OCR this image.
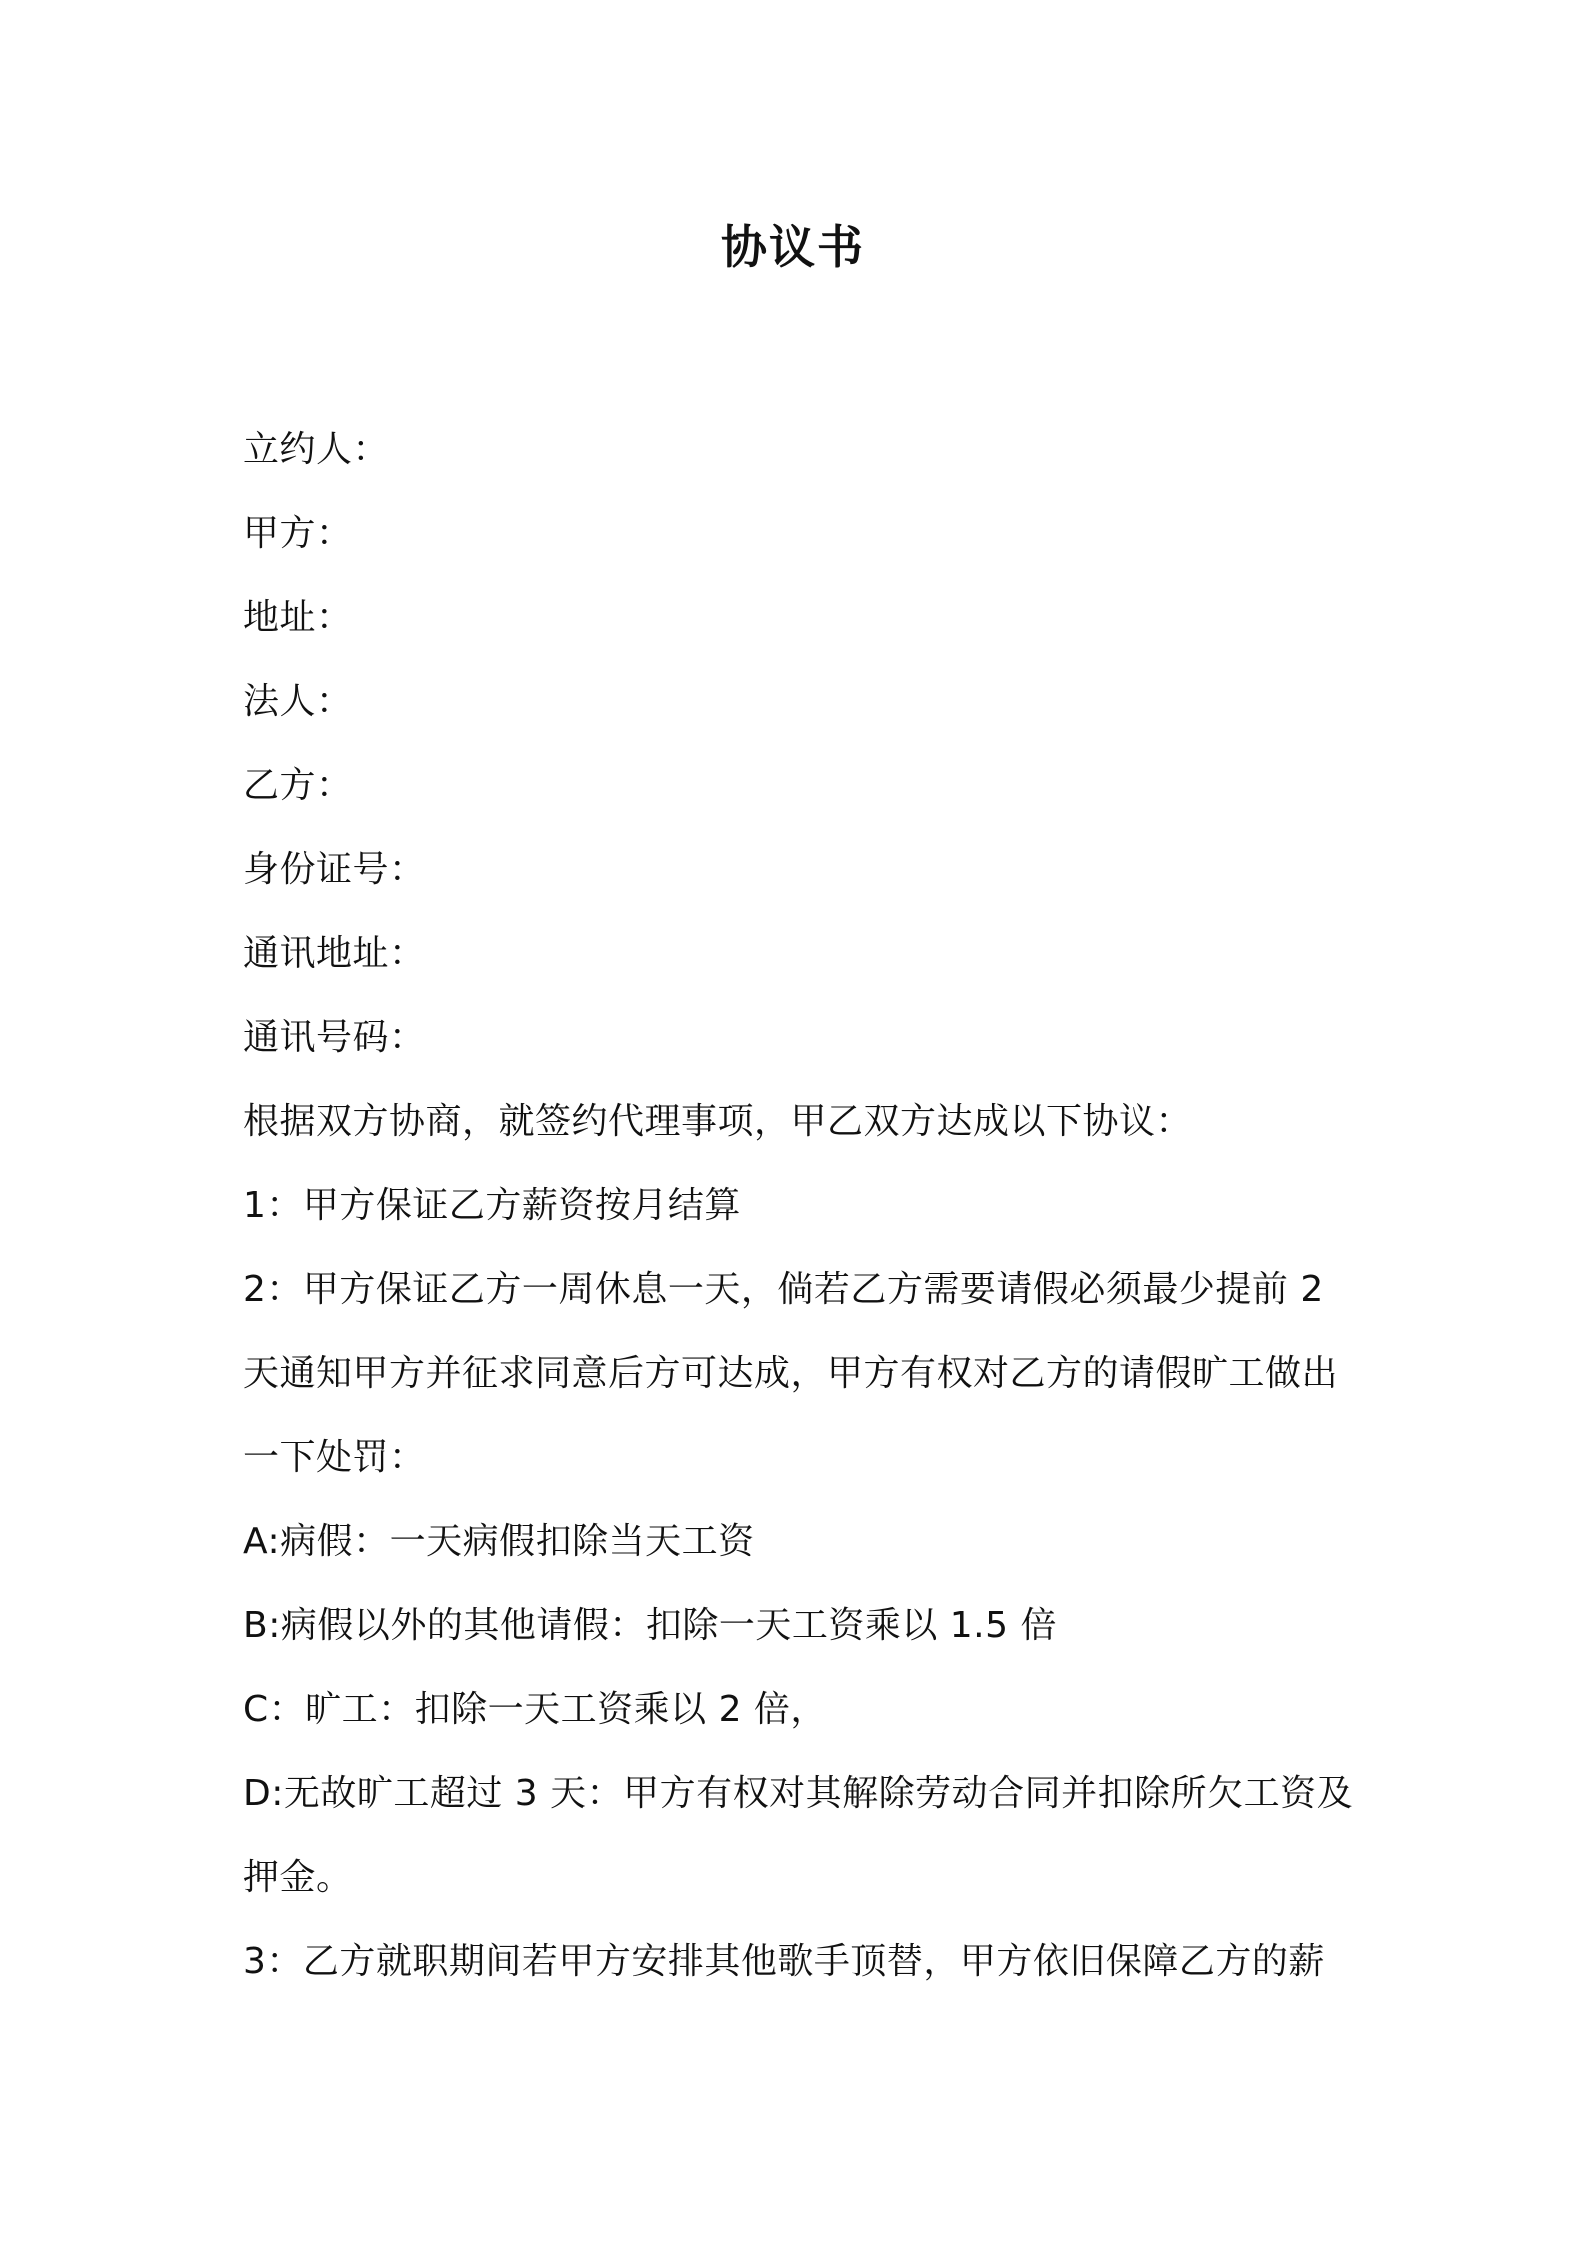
协议书
立约人：
甲方：
地址：
法人：
乙方：
身份证号：
通讯地址：
通讯号码：
根据双方协商，就签约代理事项，甲乙双方达成以下协议：
1：甲方保证乙方薪资按月结算
2：甲方保证乙方一周休息一天，倘若乙方需要请假必须最少提前 2
天通知甲方并征求同意后方可达成，甲方有权对乙方的请假旷工做出
一下处罚：
A:病假：一天病假扣除当天工资
B:病假以外的其他请假：扣除一天工资乘以 1.5 倍
C：旷工：扣除一天工资乘以 2 倍，
D:无故旷工超过 3 天：甲方有权对其解除劳动合同并扣除所欠工资及
押金。
3：乙方就职期间若甲方安排其他歌手顶替，甲方依旧保障乙方的薪
